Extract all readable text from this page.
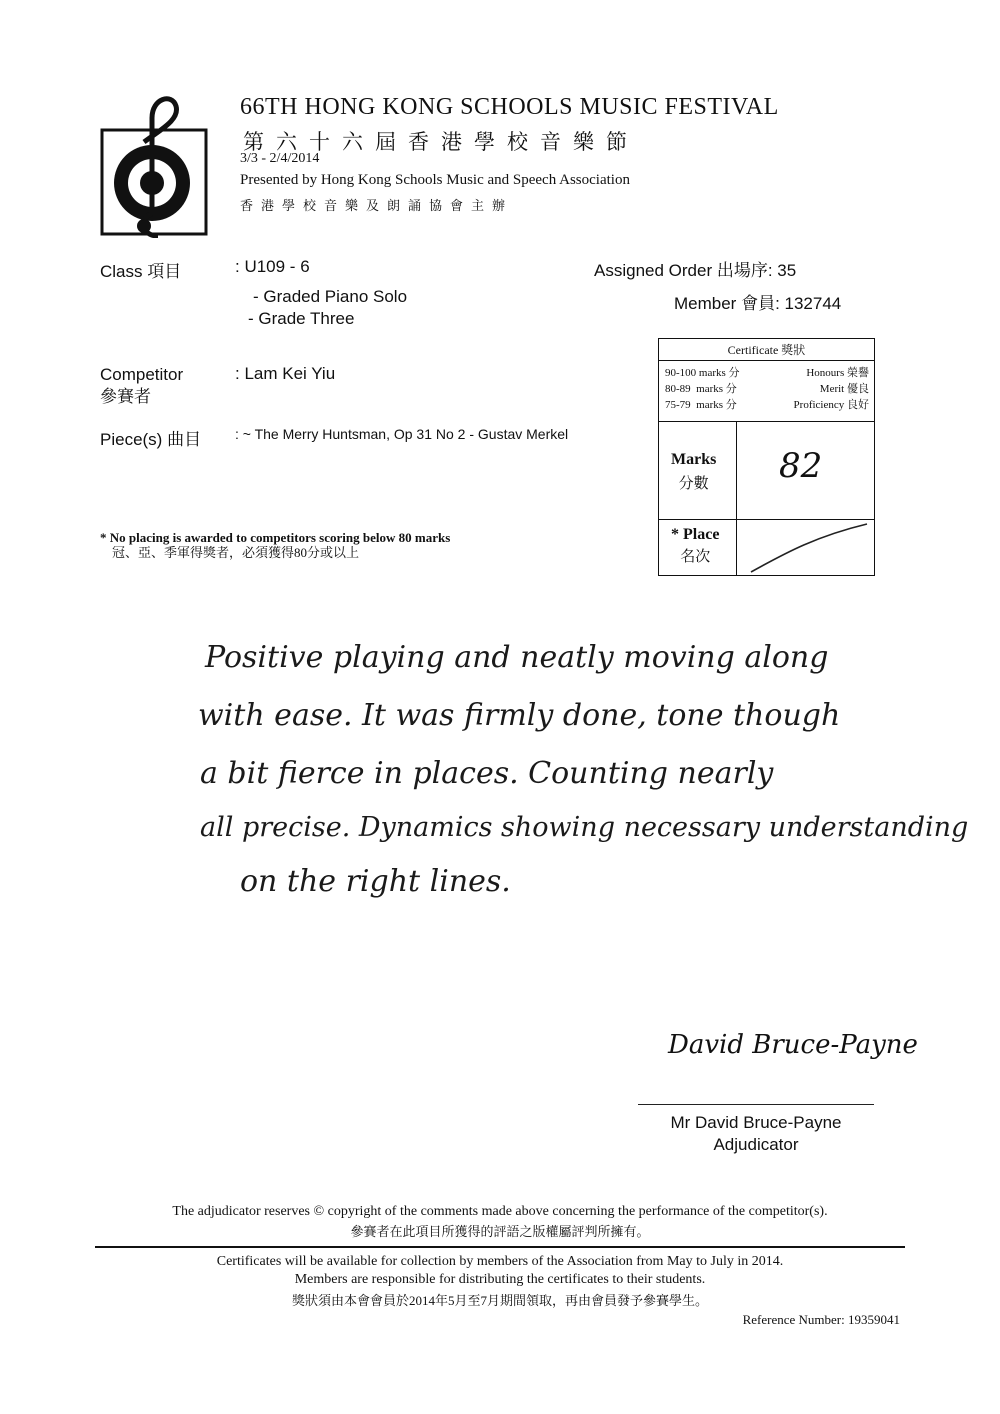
66TH HONG KONG SCHOOLS MUSIC FESTIVAL
第六十六屆香港學校音樂節
3/3 - 2/4/2014
Presented by Hong Kong Schools Music and Speech Association
香港學校音樂及朗誦協會主辦
Class 項目	: U109 - 6
- Graded Piano Solo
- Grade Three
Assigned Order 出場序: 35
Member 會員: 132744
Competitor
參賽者
: Lam Kei Yiu
Piece(s) 曲目 : ~ The Merry Huntsman, Op 31 No 2 - Gustav Merkel
* No placing is awarded to competitors scoring below 80 marks
冠、亞、季軍得獎者，必須獲得80分或以上
Certificate 獎狀
90-100 marks 分	Honours 榮譽
80-89  marks 分	Merit 優良
75-79  marks 分	Proficiency 良好
Marks
分數 82
* Place
名次
Positive playing and neatly moving along
with ease. It was firmly done, tone though
a bit fierce in places. Counting nearly
all precise. Dynamics showing necessary understanding
on the right lines.
David Bruce-Payne
Mr David Bruce-Payne
Adjudicator
The adjudicator reserves © copyright of the comments made above concerning the performance of the competitor(s).
參賽者在此項目所獲得的評語之版權屬評判所擁有。
Certificates will be available for collection by members of the Association from May to July in 2014.
Members are responsible for distributing the certificates to their students.
獎狀須由本會會員於2014年5月至7月期間領取，再由會員發予參賽學生。
Reference Number: 19359041
